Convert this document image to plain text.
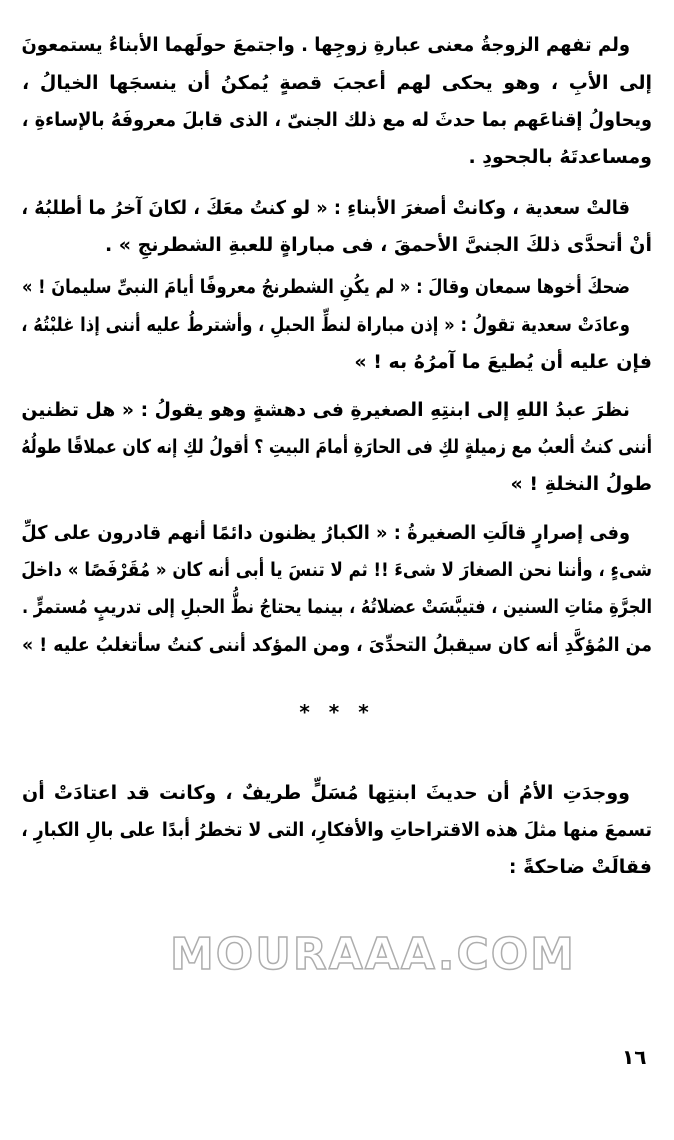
ولم تفهم الزوجةُ معنى عبارةِ زوجِها . واجتمعَ حولَهما الأبناءُ يستمعونَ
إلى الأبِ ، وهو يحكى لهم أعجبَ قصةٍ يُمكنُ أن ينسجَها الخيالُ ،
ويحاولُ إقناعَهم بما حدثَ له مع ذلك الجنىّ ، الذى قابلَ معروفَهُ بالإساءةِ ،
ومساعدتَهُ بالجحودِ .
قالتْ سعدية ، وكانتْ أصغرَ الأبناءِ : « لو كنتُ معَكَ ، لكانَ آخرُ ما أطلبُهُ ،
أنْ أتحدَّى ذلكَ الجنىَّ الأحمقَ ، فى مباراةٍ للعبةِ الشطرنجِ » .
ضحكَ أخوها سمعان وقالَ : « لم يكُنِ الشطرنجُ معروفًا أيامَ النبىِّ سليمانَ ! »
وعادَتْ سعدية تقولُ : « إذن مباراة لنطِّ الحبلِ ، وأشترطُ عليه أننى إذا غلبْتُهُ ،
فإن عليه أن يُطيعَ ما آمرُهُ به ! »
نظرَ عبدُ اللهِ إلى ابنتِهِ الصغيرةِ فى دهشةٍ وهو يقولُ : « هل تظنين
أننى كنتُ ألعبُ مع زميلةٍ لكِ فى الحارَةِ أمامَ البيتِ ؟ أقولُ لكِ إنه كان عملاقًا طولُهُ
طولُ النخلةِ ! »
وفى إصرارٍ قالَتِ الصغيرةُ : « الكبارُ يظنون دائمًا أنهم قادرون على كلِّ
شىءٍ ، وأننا نحن الصغارَ لا شىءَ !! ثم لا تنسَ يا أبى أنه كان « مُقَرْفَصًا » داخلَ
الجرَّةِ مئاتِ السنين ، فتيبَّسَتْ عضلاتُهُ ، بينما يحتاجُ نطُّ الحبلِ إلى تدريبٍ مُستمرٍّ .
من المُؤكَّدِ أنه كان سيقبلُ التحدِّىَ ، ومن المؤكد أننى كنتُ سأتغلبُ عليه ! »
ووجدَتِ الأمُ أن حديثَ ابنتِها مُسَلٍّ طريفٌ ، وكانت قد اعتادَتْ أن
تسمعَ منها مثلَ هذه الاقتراحاتِ والأفكارِ، التى لا تخطرُ أبدًا على بالِ الكبارِ ،
فقالَتْ ضاحكةً :
* * *
MOURAAA.COM
١٦
